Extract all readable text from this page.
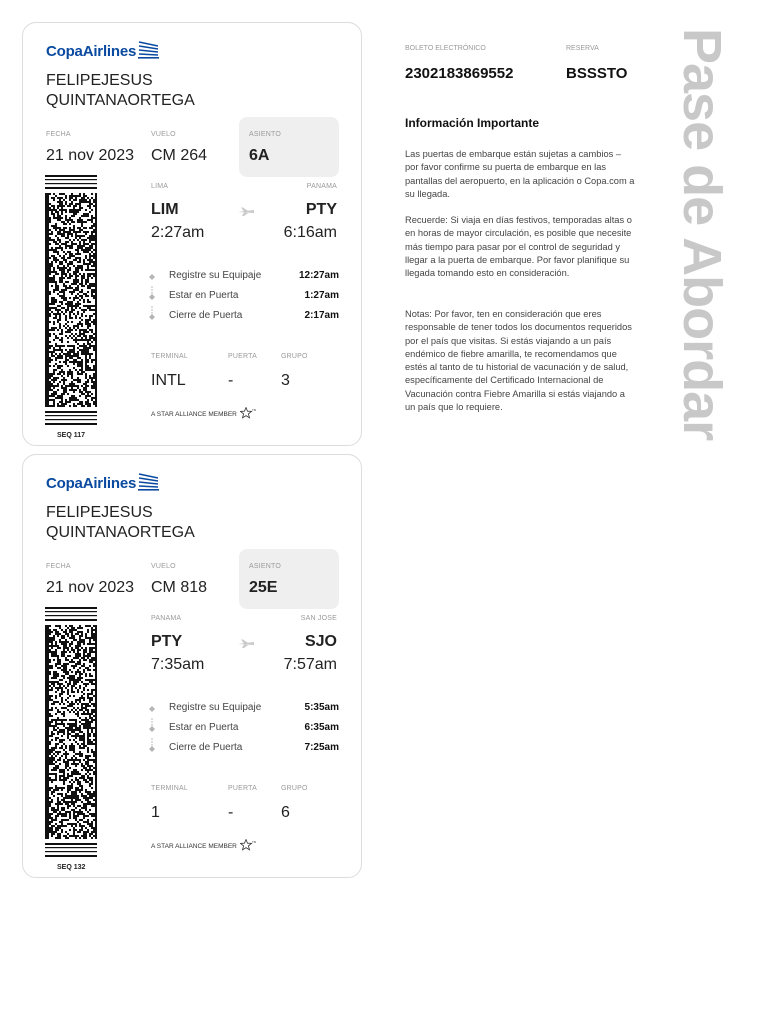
CopaAirlines
FELIPEJESUS
QUINTANAORTEGA
FECHA
21 nov 2023
VUELO
CM 264
ASIENTO
6A
SEQ 117
LIMA	PANAMA
LIM	PTY
2:27am	6:16am
Registre su Equipaje	12:27am
Estar en Puerta	1:27am
Cierre de Puerta	2:17am
TERMINAL
INTL
PUERTA
-
GRUPO
3
A STAR ALLIANCE MEMBER
TM
CopaAirlines
FELIPEJESUS
QUINTANAORTEGA
FECHA
21 nov 2023
VUELO
CM 818
ASIENTO
25E
SEQ 132
PANAMA	SAN JOSE
PTY	SJO
7:35am	7:57am
Registre su Equipaje	5:35am
Estar en Puerta	6:35am
Cierre de Puerta	7:25am
TERMINAL
1
PUERTA
-
GRUPO
6
A STAR ALLIANCE MEMBER
TM
BOLETO ELECTRÓNICO
2302183869552
RESERVA
BSSSTO
Información Importante
Las puertas de embarque están sujetas a cambios – por favor confirme su puerta de embarque en las pantallas del aeropuerto, en la aplicación o Copa.com a su llegada.
Recuerde: Si viaja en días festivos, temporadas altas o en horas de mayor circulación, es posible que necesite más tiempo para pasar por el control de seguridad y llegar a la puerta de embarque. Por favor planifique su llegada tomando esto en consideración.
Notas: Por favor, ten en consideración que eres responsable de tener todos los documentos requeridos por el país que visitas. Si estás viajando a un país endémico de fiebre amarilla, te recomendamos que estés al tanto de tu historial de vacunación y de salud, específicamente del Certificado Internacional de Vacunación contra Fiebre Amarilla si estás viajando a un país que lo requiere.	Pase de Abordar
